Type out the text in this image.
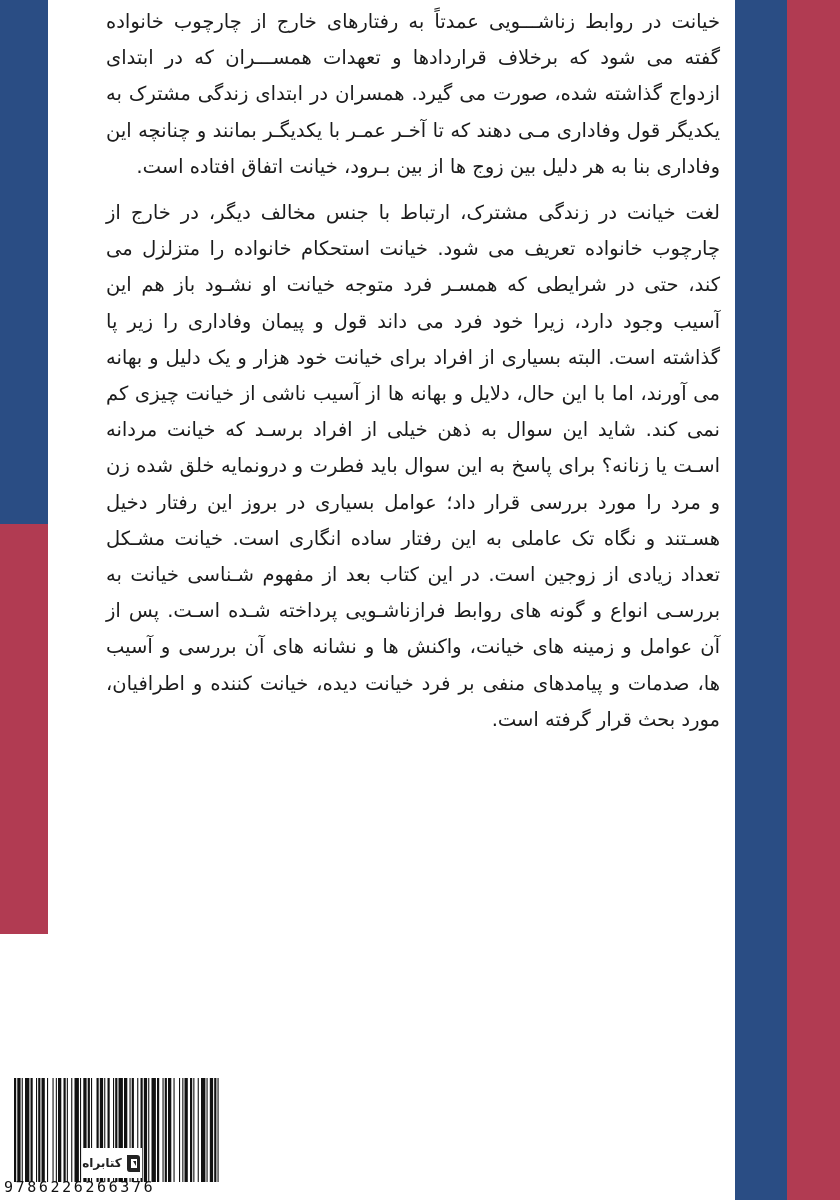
خیانت در روابط زناشـــویی عمدتاً به رفتارهای خارج از چارچوب خانواده گفته می شود که برخلاف قراردادها و تعهدات همســـران که در ابتدای ازدواج گذاشته شده، صورت می گیرد. همسران در ابتدای زندگی مشترک به یکدیگر قول وفاداری مـی دهند که تا آخـر عمـر با یکدیگـر بمانند و چنانچه این وفاداری بنا به هر دلیل بین زوج ها از بین بـرود، خیانت اتفاق افتاده است.

لغت خیانت در زندگی مشترک، ارتباط با جنس مخالف دیگر، در خارج از چارچوب خانواده تعریف می شود. خیانت استحکام خانواده را متزلزل می کند، حتی در شرایطی که همسـر فرد متوجه خیانت او نشـود باز هم این آسیب وجود دارد، زیرا خود فرد می داند قول و پیمان وفاداری را زیر پا گذاشته است. البته بسیاری از افراد برای خیانت خود هزار و یک دلیل و بهانه می آورند، اما با این حال، دلایل و بهانه ها از آسیب ناشی از خیانت چیزی کم نمی کند. شاید این سوال به ذهن خیلی از افراد برسـد که خیانت مردانه اسـت یا زنانه؟ برای پاسخ به این سوال باید فطرت و درونمایه خلق شده زن و مرد را مورد بررسی قرار داد؛ عوامل بسیاری در بروز این رفتار دخیل هسـتند و نگاه تک عاملی به این رفتار ساده انگاری است. خیانت مشـکل تعداد زیادی از زوجین است. در این کتاب بعد از مفهوم شـناسی خیانت به بررسـی انواع و گونه های روابط فرازناشـویی پرداخته شـده اسـت. پس از آن عوامل و زمینه های خیانت، واکنش ها و نشانه های آن بررسی و آسیب ها، صدمات و پیامدهای منفی بر فرد خیانت دیده، خیانت کننده و اطرافیان، مورد بحث قرار گرفته است.

9786226266376
کتابراه
